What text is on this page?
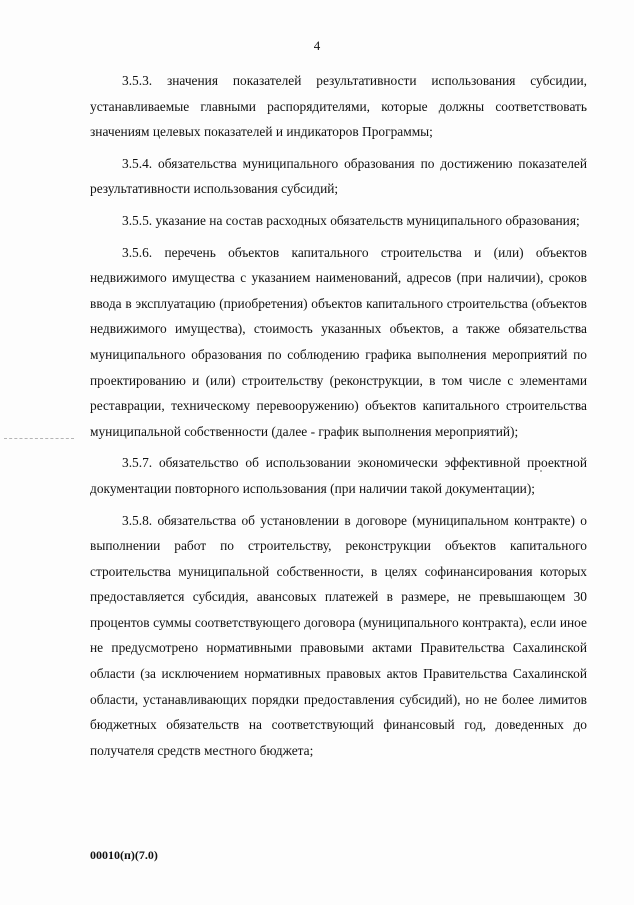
4

3.5.3. значения показателей результативности использования субсидии, устанавливаемые главными распорядителями, которые должны соответствовать значениям целевых показателей и индикаторов Программы;

3.5.4. обязательства муниципального образования по достижению показателей результативности использования субсидий;

3.5.5. указание на состав расходных обязательств муниципального образования;

3.5.6. перечень объектов капитального строительства и (или) объектов недвижимого имущества с указанием наименований, адресов (при наличии), сроков ввода в эксплуатацию (приобретения) объектов капитального строительства (объектов недвижимого имущества), стоимость указанных объектов, а также обязательства муниципального образования по соблюдению графика выполнения мероприятий по проектированию и (или) строительству (реконструкции, в том числе с элементами реставрации, техническому перевооружению) объектов капитального строительства муниципальной собственности (далее - график выполнения мероприятий);

3.5.7. обязательство об использовании экономически эффективной проектной документации повторного использования (при наличии такой документации);

3.5.8. обязательства об установлении в договоре (муниципальном контракте) о выполнении работ по строительству, реконструкции объектов капитального строительства муниципальной собственности, в целях софинансирования которых предоставляется субсидия, авансовых платежей в размере, не превышающем 30 процентов суммы соответствующего договора (муниципального контракта), если иное не предусмотрено нормативными правовыми актами Правительства Сахалинской области (за исключением нормативных правовых актов Правительства Сахалинской области, устанавливающих порядки предоставления субсидий), но не более лимитов бюджетных обязательств на соответствующий финансовый год, доведенных до получателя средств местного бюджета;

00010(п)(7.0)
